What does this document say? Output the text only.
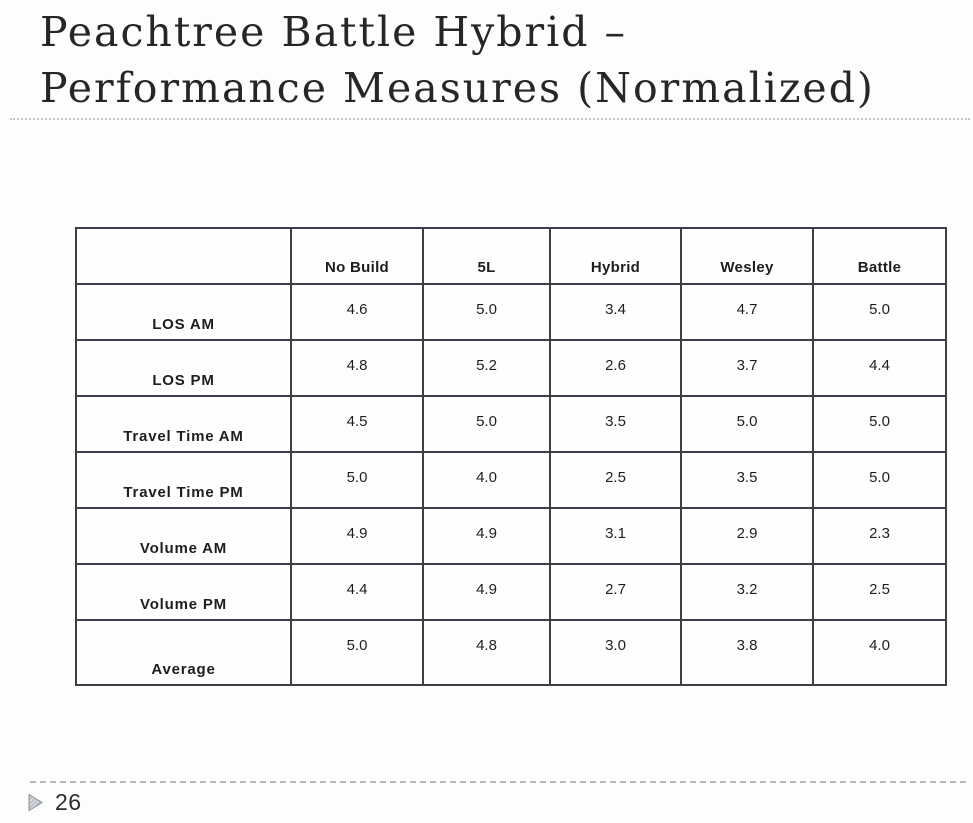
Peachtree Battle Hybrid – Performance Measures (Normalized)
	No Build	5L	Hybrid	Wesley	Battle
LOS AM	4.6	5.0	3.4	4.7	5.0
LOS PM	4.8	5.2	2.6	3.7	4.4
Travel Time AM	4.5	5.0	3.5	5.0	5.0
Travel Time PM	5.0	4.0	2.5	3.5	5.0
Volume AM	4.9	4.9	3.1	2.9	2.3
Volume PM	4.4	4.9	2.7	3.2	2.5
Average	5.0	4.8	3.0	3.8	4.0
26
